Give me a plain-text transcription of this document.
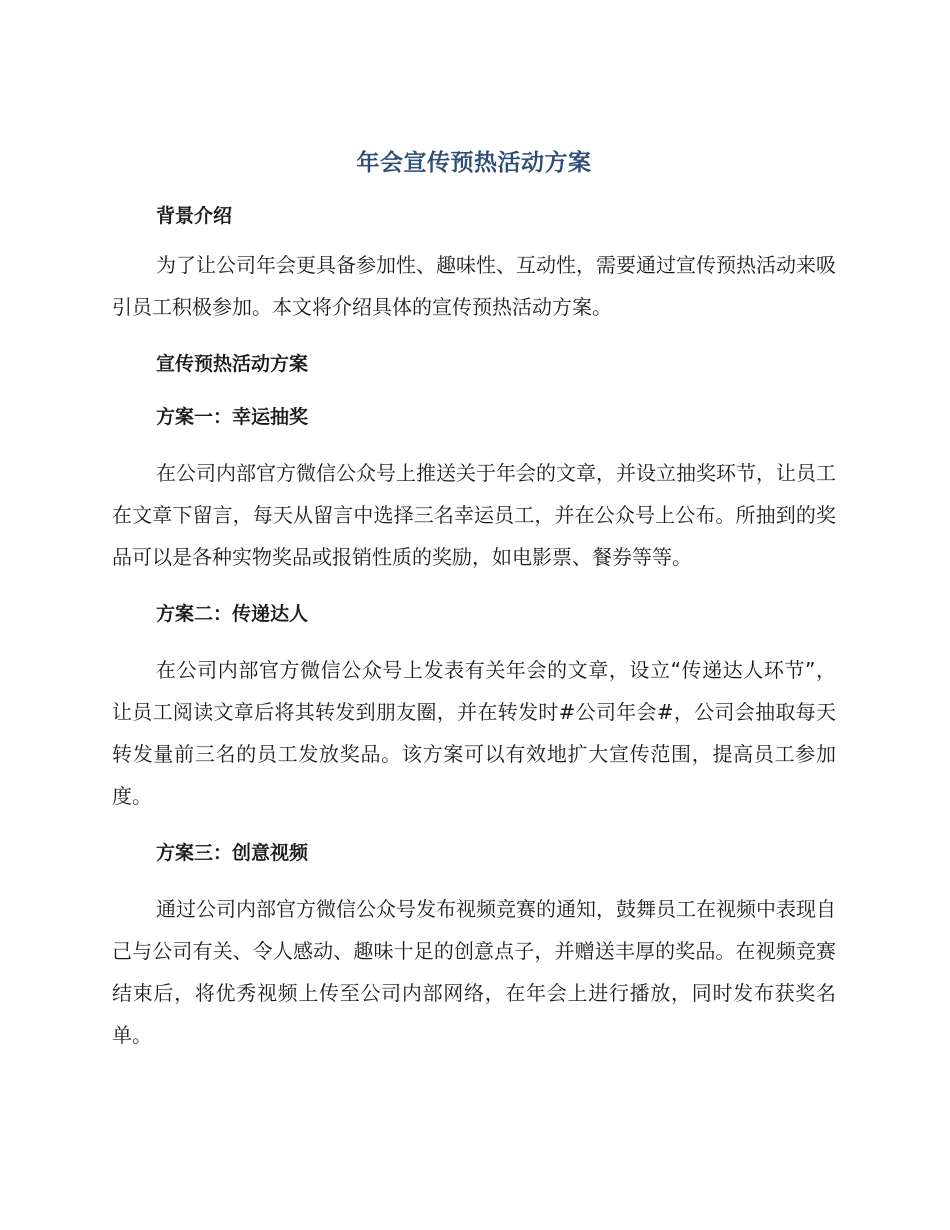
年会宣传预热活动方案
背景介绍
为了让公司年会更具备参加性、趣味性、互动性，需要通过宣传预热活动来吸引员工积极参加。本文将介绍具体的宣传预热活动方案。
宣传预热活动方案
方案一：幸运抽奖
在公司内部官方微信公众号上推送关于年会的文章，并设立抽奖环节，让员工在文章下留言，每天从留言中选择三名幸运员工，并在公众号上公布。所抽到的奖品可以是各种实物奖品或报销性质的奖励，如电影票、餐券等等。
方案二：传递达人
在公司内部官方微信公众号上发表有关年会的文章，设立“传递达人环节”，让员工阅读文章后将其转发到朋友圈，并在转发时#公司年会#，公司会抽取每天转发量前三名的员工发放奖品。该方案可以有效地扩大宣传范围，提高员工参加度。
方案三：创意视频
通过公司内部官方微信公众号发布视频竞赛的通知，鼓舞员工在视频中表现自己与公司有关、令人感动、趣味十足的创意点子，并赠送丰厚的奖品。在视频竞赛结束后，将优秀视频上传至公司内部网络，在年会上进行播放，同时发布获奖名单。
